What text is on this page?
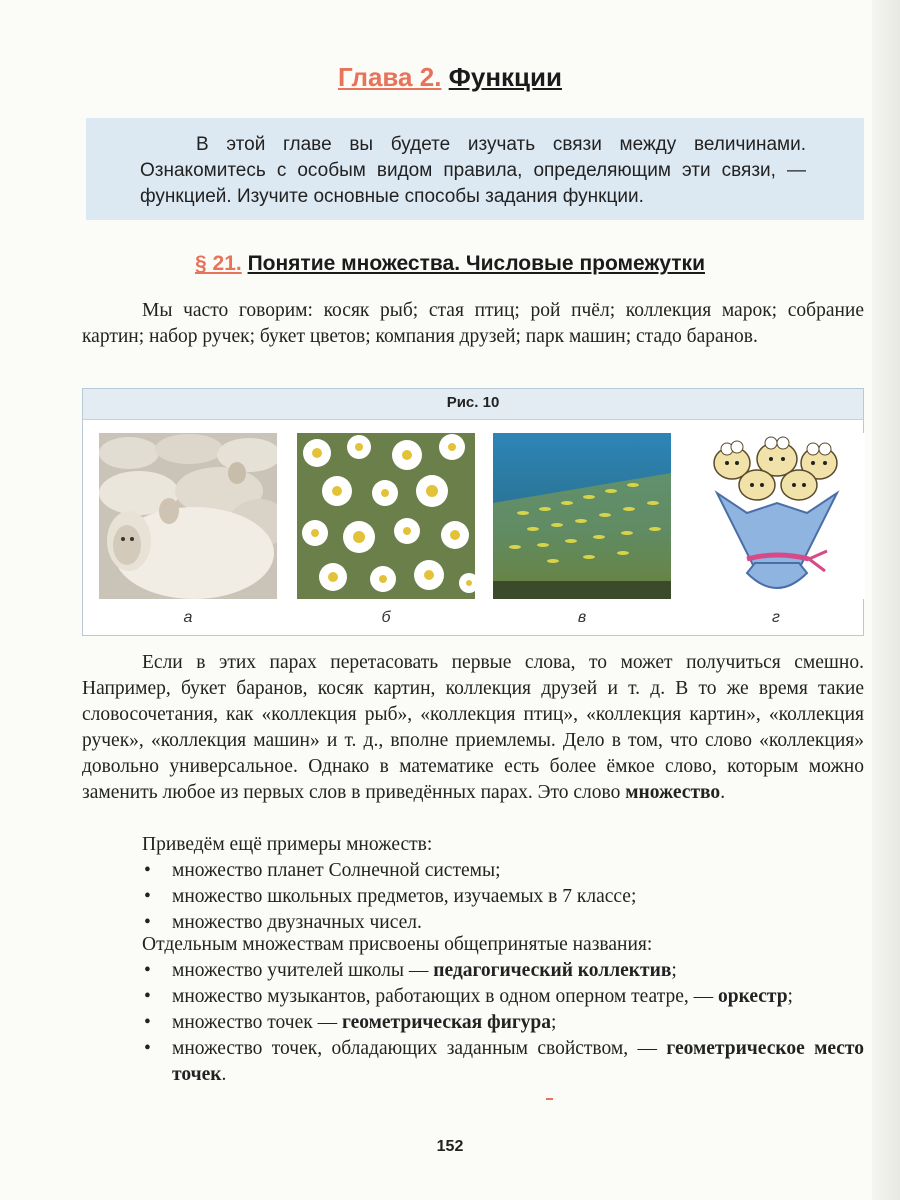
Глава 2. Функции

В этой главе вы будете изучать связи между величинами. Ознакомитесь с особым видом правила, определяющим эти связи, — функцией. Изучите основные способы задания функции.

§ 21. Понятие множества. Числовые промежутки

Мы часто говорим: косяк рыб; стая птиц; рой пчёл; коллекция марок; собрание картин; набор ручек; букет цветов; компания друзей; парк машин; стадо баранов.

Рис. 10
а	б	в	г

Если в этих парах перетасовать первые слова, то может получиться смешно. Например, букет баранов, косяк картин, коллекция друзей и т. д. В то же время такие словосочетания, как «коллекция рыб», «коллекция птиц», «коллекция картин», «коллекция ручек», «коллекция машин» и т. д., вполне приемлемы. Дело в том, что слово «коллекция» довольно универсальное. Однако в математике есть более ёмкое слово, которым можно заменить любое из первых слов в приведённых парах. Это слово множество.

Приведём ещё примеры множеств:

• множество планет Солнечной системы;
• множество школьных предметов, изучаемых в 7 классе;
• множество двузначных чисел.

Отдельным множествам присвоены общепринятые названия:

• множество учителей школы — педагогический коллектив;
• множество музыкантов, работающих в одном оперном театре, — оркестр;
• множество точек — геометрическая фигура;
• множество точек, обладающих заданным свойством, — геометрическое место точек.
152
